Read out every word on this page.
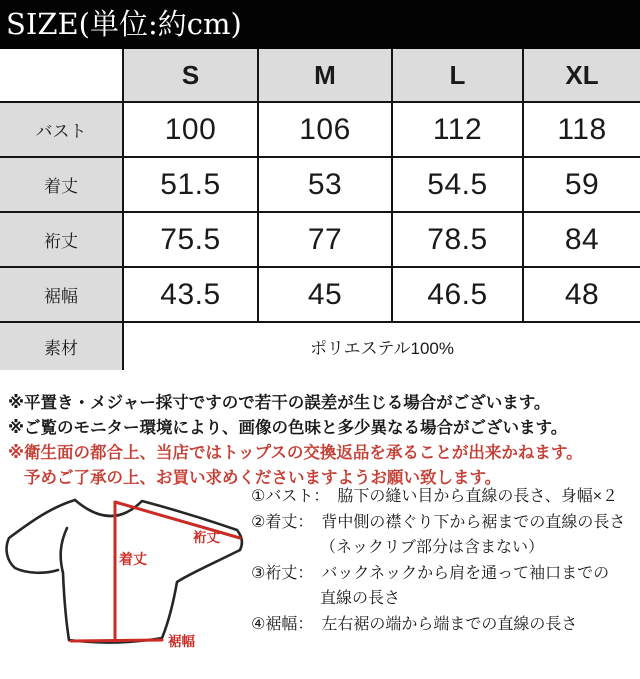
SIZE(単位:約cm)
	S	M	L	XL
バスト	100	106	112	118
着丈	51.5	53	54.5	59
裄丈	75.5	77	78.5	84
裾幅	43.5	45	46.5	48
素材	ポリエステル100%			
※平置き・メジャー採寸ですので若干の誤差が生じる場合がございます。
※ご覧のモニター環境により、画像の色味と多少異なる場合がございます。
※衛生面の都合上、当店ではトップスの交換返品を承ることが出来かねます。
予めご了承の上、お買い求めくださいますようお願い致します。
着丈
裄丈
裾幅
①バスト：　脇下の縫い目から直線の長さ、身幅×２
②着丈：　背中側の襟ぐり下から裾までの直線の長さ
（ネックリブ部分は含まない）
③裄丈：　バックネックから肩を通って袖口までの
直線の長さ
④裾幅：　左右裾の端から端までの直線の長さ
